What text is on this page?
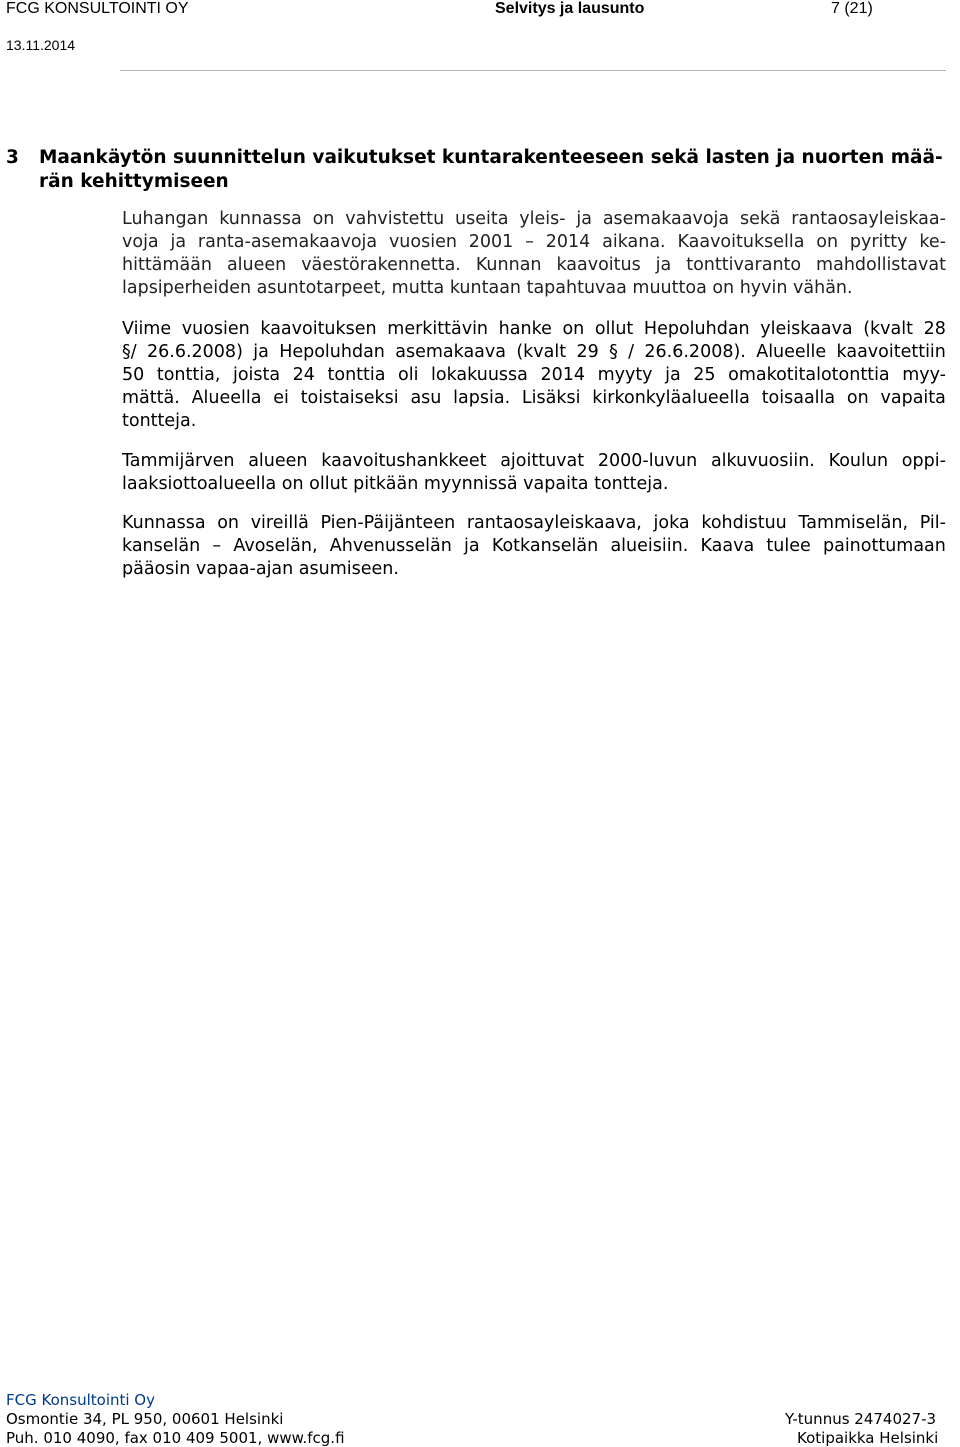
FCG KONSULTOINTI OY	Selvitys ja lausunto	7 (21)
13.11.2014
3 Maankäytön suunnittelun vaikutukset kuntarakenteeseen sekä lasten ja nuorten mää-
rän kehittymiseen
Luhangan kunnassa on vahvistettu useita yleis- ja asemakaavoja sekä rantaosayleiskaa-
voja ja ranta-asemakaavoja vuosien 2001 – 2014 aikana. Kaavoituksella on pyritty ke-
hittämään alueen väestörakennetta. Kunnan kaavoitus ja tonttivaranto mahdollistavat
lapsiperheiden asuntotarpeet, mutta kuntaan tapahtuvaa muuttoa on hyvin vähän.
Viime vuosien kaavoituksen merkittävin hanke on ollut Hepoluhdan yleiskaava (kvalt 28
§/ 26.6.2008) ja Hepoluhdan asemakaava (kvalt 29 § / 26.6.2008). Alueelle kaavoitettiin
50 tonttia, joista 24 tonttia oli lokakuussa 2014 myyty ja 25 omakotitalotonttia myy-
mättä. Alueella ei toistaiseksi asu lapsia. Lisäksi kirkonkyläalueella toisaalla on vapaita
tontteja.
Tammijärven alueen kaavoitushankkeet ajoittuvat 2000-luvun alkuvuosiin. Koulun oppi-
laaksiottoalueella on ollut pitkään myynnissä vapaita tontteja.
Kunnassa on vireillä Pien-Päijänteen rantaosayleiskaava, joka kohdistuu Tammiselän, Pil-
kanselän – Avoselän, Ahvenusselän ja Kotkanselän alueisiin. Kaava tulee painottumaan
pääosin vapaa-ajan asumiseen.
FCG Konsultointi Oy
Osmontie 34, PL 950, 00601 Helsinki
Puh. 010 4090, fax 010 409 5001, www.fcg.fi
Y-tunnus 2474027-3
Kotipaikka Helsinki
